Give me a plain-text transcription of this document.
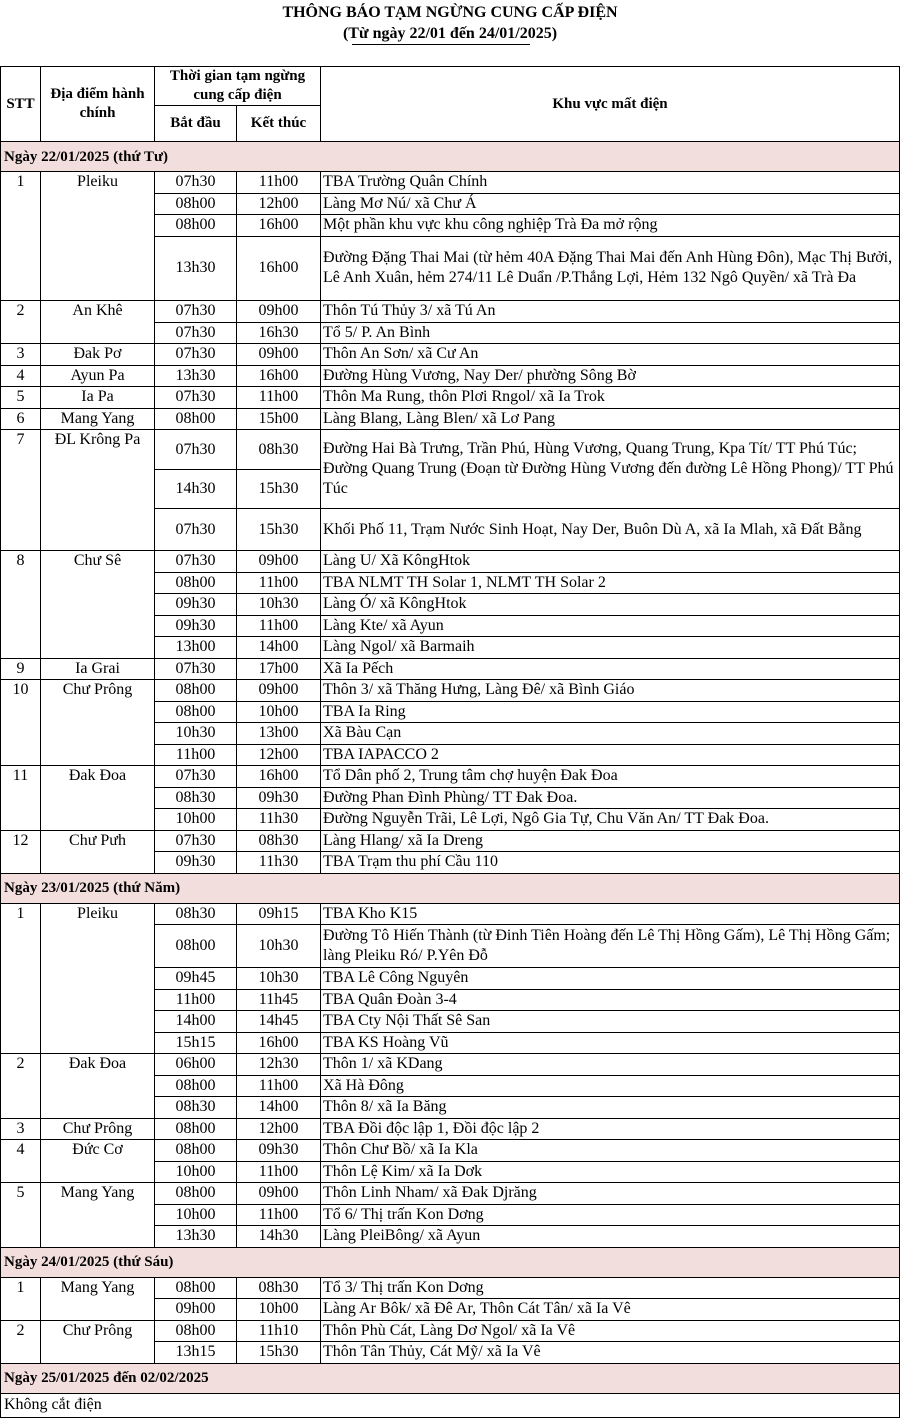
THÔNG BÁO TẠM NGỪNG CUNG CẤP ĐIỆN
(Từ ngày 22/01 đến 24/01/2025)
STT	Địa điểm hành chính	Thời gian tạm ngừng cung cấp điện		Khu vực mất điện
		Bắt đầu	Kết thúc	
Ngày 22/01/2025 (thứ Tư)				
1	Pleiku	07h30	11h00	TBA Trường Quân Chính
		08h00	12h00	Làng Mơ Nú/ xã Chư Á
		08h00	16h00	Một phần khu vực khu công nghiệp Trà Đa mở rộng
		13h30	16h00	Đường Đặng Thai Mai (từ hẻm 40A Đặng Thai Mai đến Anh Hùng Đôn), Mạc Thị Bưởi, Lê Anh Xuân, hẻm 274/11 Lê Duẩn /P.Thắng Lợi, Hẻm 132 Ngô Quyền/ xã Trà Đa
2	An Khê	07h30	09h00	Thôn Tú Thủy 3/ xã Tú An
		07h30	16h30	Tổ 5/ P. An Bình
3	Đak Pơ	07h30	09h00	Thôn An Sơn/ xã Cư An
4	Ayun Pa	13h30	16h00	Đường Hùng Vương, Nay Der/ phường Sông Bờ
5	Ia Pa	07h30	11h00	Thôn Ma Rung, thôn Plơi Rngol/ xã Ia Trok
6	Mang Yang	08h00	15h00	Làng Blang, Làng Blen/ xã Lơ Pang
7	ĐL Krông Pa	07h30	08h30	Đường Hai Bà Trưng, Trần Phú, Hùng Vương, Quang Trung, Kpa Tít/ TT Phú Túc; Đường Quang Trung (Đoạn từ Đường Hùng Vương đến đường Lê Hồng Phong)/ TT Phú Túc
		14h30	15h30	
		07h30	15h30	Khối Phố 11, Trạm Nước Sinh Hoạt, Nay Der, Buôn Dù A, xã Ia Mlah, xã Đất Bằng
8	Chư Sê	07h30	09h00	Làng U/ Xã KôngHtok
		08h00	11h00	TBA NLMT TH Solar 1, NLMT TH Solar 2
		09h30	10h30	Làng Ó/ xã KôngHtok
		09h30	11h00	Làng Kte/ xã Ayun
		13h00	14h00	Làng Ngol/ xã Barmaih
9	Ia Grai	07h30	17h00	Xã Ia Pếch
10	Chư Prông	08h00	09h00	Thôn 3/ xã Thăng Hưng, Làng Đê/ xã Bình Giáo
		08h00	10h00	TBA Ia Ring
		10h30	13h00	Xã Bàu Cạn
		11h00	12h00	TBA IAPACCO 2
11	Đak Đoa	07h30	16h00	Tổ Dân phố 2, Trung tâm chợ huyện Đak Đoa
		08h30	09h30	Đường Phan Đình Phùng/ TT Đak Đoa.
		10h00	11h30	Đường Nguyễn Trãi, Lê Lợi, Ngô Gia Tự, Chu Văn An/ TT Đak Đoa.
12	Chư Pưh	07h30	08h30	Làng Hlang/ xã Ia Dreng
		09h30	11h30	TBA Trạm thu phí Cầu 110
Ngày 23/01/2025 (thứ Năm)				
1	Pleiku	08h30	09h15	TBA Kho K15
		08h00	10h30	Đường Tô Hiến Thành (từ Đinh Tiên Hoàng đến Lê Thị Hồng Gấm), Lê Thị Hồng Gấm; làng Pleiku Ró/ P.Yên Đỗ
		09h45	10h30	TBA Lê Công Nguyên
		11h00	11h45	TBA Quân Đoàn 3-4
		14h00	14h45	TBA Cty Nội Thất Sê San
		15h15	16h00	TBA KS Hoàng Vũ
2	Đak Đoa	06h00	12h30	Thôn 1/ xã KDang
		08h00	11h00	Xã Hà Đông
		08h30	14h00	Thôn 8/ xã Ia Băng
3	Chư Prông	08h00	12h00	TBA Đồi độc lập 1, Đồi độc lập 2
4	Đức Cơ	08h00	09h30	Thôn Chư Bồ/ xã Ia Kla
		10h00	11h00	Thôn Lệ Kim/ xã Ia Dơk
5	Mang Yang	08h00	09h00	Thôn Linh Nham/ xã Đak Djrăng
		10h00	11h00	Tổ 6/ Thị trấn Kon Dơng
		13h30	14h30	Làng PleiBông/ xã Ayun
Ngày 24/01/2025 (thứ Sáu)				
1	Mang Yang	08h00	08h30	Tổ 3/ Thị trấn Kon Dơng
		09h00	10h00	Làng Ar Bôk/ xã Đê Ar, Thôn Cát Tân/ xã Ia Vê
2	Chư Prông	08h00	11h10	Thôn Phù Cát, Làng Dơ Ngol/ xã Ia Vê
		13h15	15h30	Thôn Tân Thủy, Cát Mỹ/ xã Ia Vê
Ngày 25/01/2025 đến 02/02/2025				
Không cắt điện				
